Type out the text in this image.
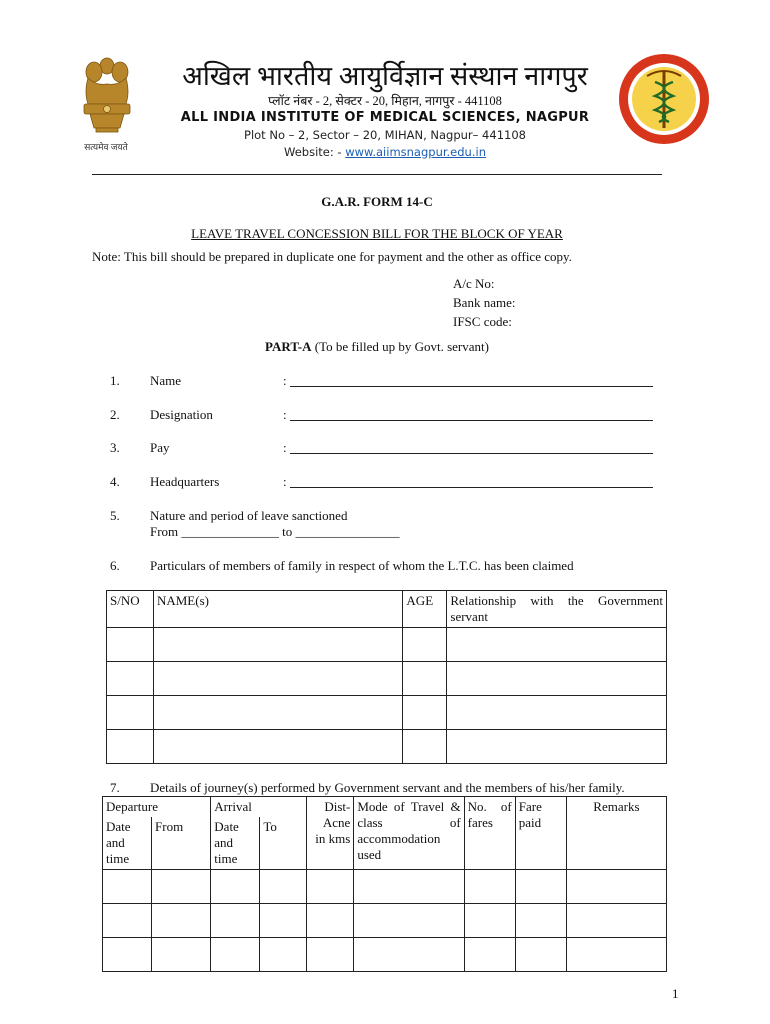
सत्यमेव जयते
अखिल भारतीय आयुर्विज्ञान संस्थान नागपुर
प्लॉट नंबर - 2, सेक्टर - 20, मिहान, नागपुर - 441108
ALL INDIA INSTITUTE OF MEDICAL SCIENCES, NAGPUR
Plot No – 2, Sector – 20, MIHAN, Nagpur– 441108
Website: - www.aiimsnagpur.edu.in
G.A.R. FORM 14-C
LEAVE TRAVEL CONCESSION BILL FOR THE BLOCK OF YEAR
Note: This bill should be prepared in duplicate one for payment and the other as office copy.
A/c No:
Bank name:
IFSC code:
PART-A (To be filled up by Govt. servant)
1. Name	:
2. Designation	:
3. Pay	:
4. Headquarters	:
5. Nature and period of leave sanctioned
From _______________ to ________________
6. Particulars of members of family in respect of whom the L.T.C. has been claimed
S/NO	NAME(s)	AGE	Relationship with the Government servant

7. Details of journey(s) performed by Government servant and the members of his/her family.
Departure		Arrival		Dist-Acne in kms	Mode of Travel & class of accommodation used	No. of fares	Fare paid	Remarks
Date and time	From	Date and time	To					

1
